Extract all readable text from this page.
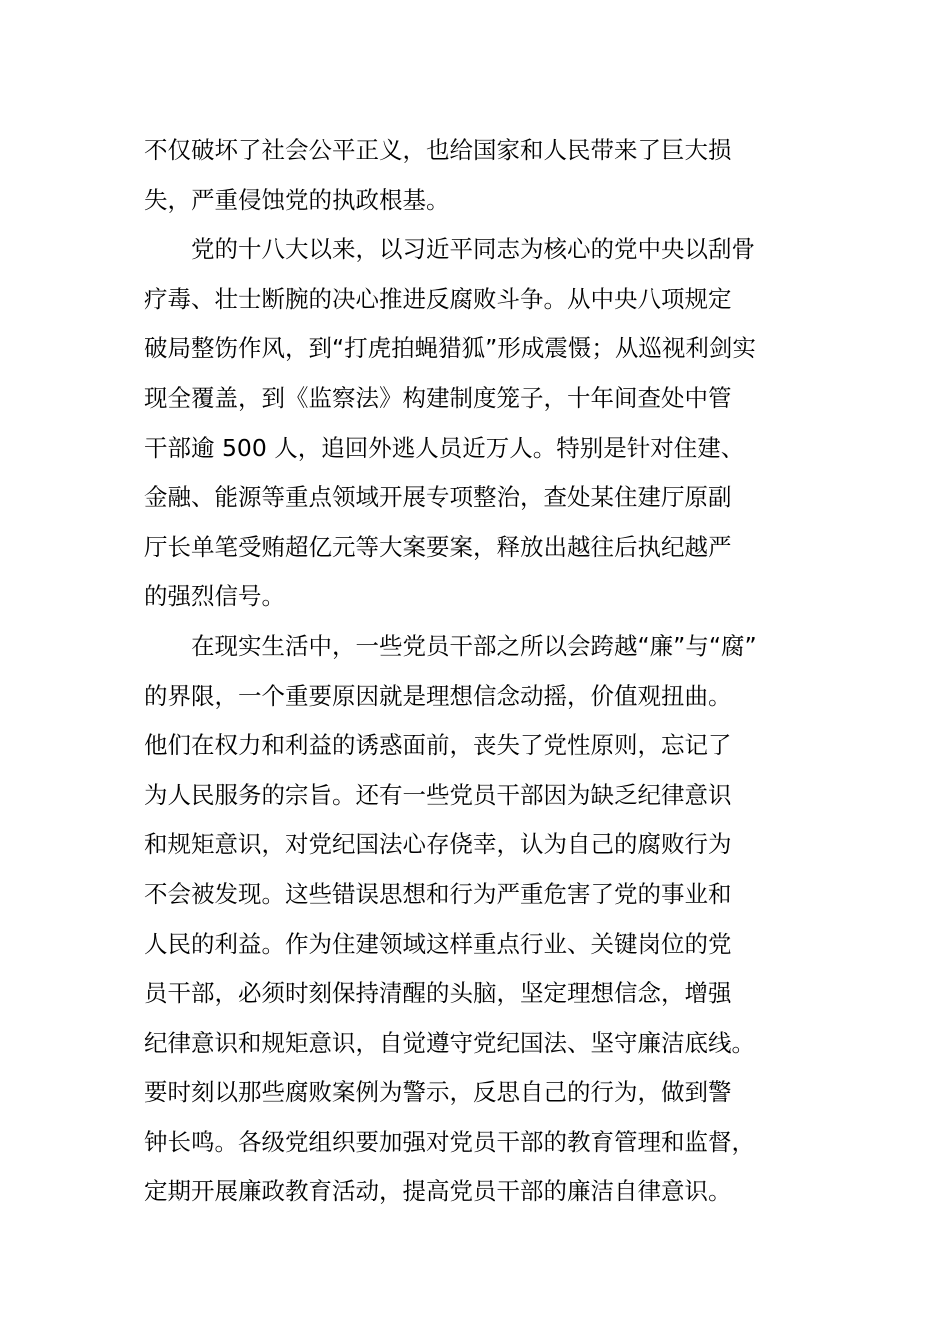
不仅破坏了社会公平正义，也给国家和人民带来了巨大损
失，严重侵蚀党的执政根基。
党的十八大以来，以习近平同志为核心的党中央以刮骨
疗毒、壮士断腕的决心推进反腐败斗争。从中央八项规定
破局整饬作风，到“打虎拍蝇猎狐”形成震慑；从巡视利剑实
现全覆盖，到《监察法》构建制度笼子，十年间查处中管
干部逾 500 人，追回外逃人员近万人。特别是针对住建、
金融、能源等重点领域开展专项整治，查处某住建厅原副
厅长单笔受贿超亿元等大案要案，释放出越往后执纪越严
的强烈信号。
在现实生活中，一些党员干部之所以会跨越“廉”与“腐”
的界限，一个重要原因就是理想信念动摇，价值观扭曲。
他们在权力和利益的诱惑面前，丧失了党性原则，忘记了
为人民服务的宗旨。还有一些党员干部因为缺乏纪律意识
和规矩意识，对党纪国法心存侥幸，认为自己的腐败行为
不会被发现。这些错误思想和行为严重危害了党的事业和
人民的利益。作为住建领域这样重点行业、关键岗位的党
员干部，必须时刻保持清醒的头脑，坚定理想信念，增强
纪律意识和规矩意识，自觉遵守党纪国法、坚守廉洁底线。
要时刻以那些腐败案例为警示，反思自己的行为，做到警
钟长鸣。各级党组织要加强对党员干部的教育管理和监督，
定期开展廉政教育活动，提高党员干部的廉洁自律意识。
